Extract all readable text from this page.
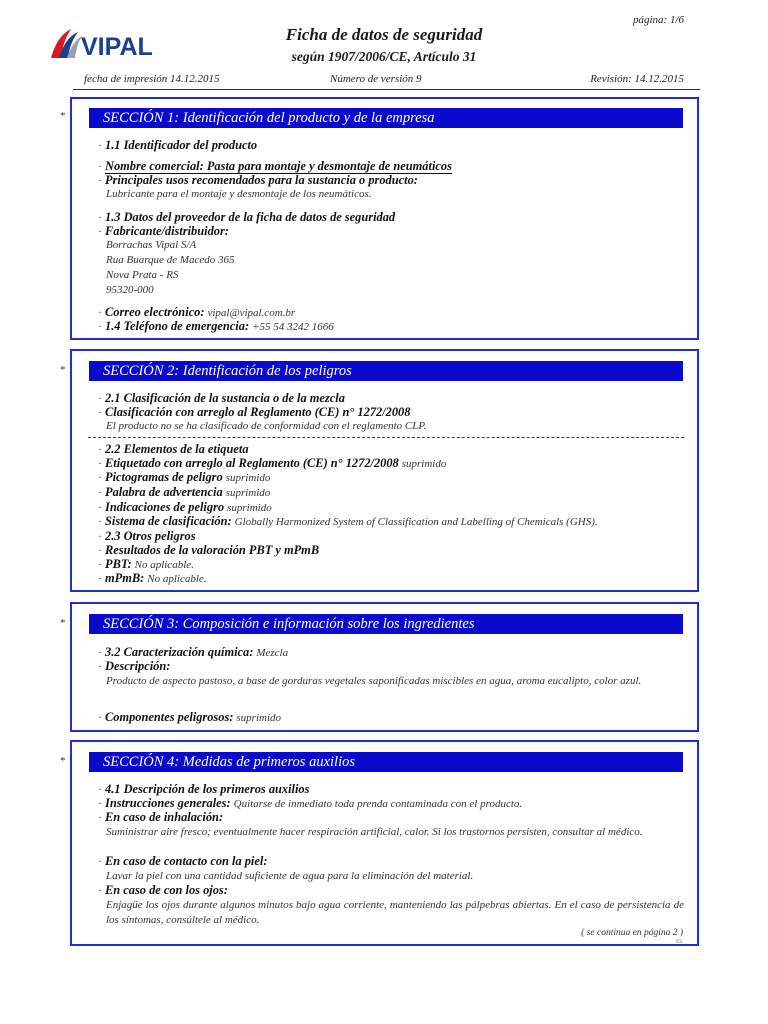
VIPAL	Ficha de datos de seguridad
según 1907/2006/CE, Artículo 31
página: 1/6
fecha de impresión 14.12.2015	Número de versión 9	Revisión: 14.12.2015
*	SECCIÓN 1: Identificación del producto y de la empresa
· 1.1 Identificador del producto
· Nombre comercial: Pasta para montaje y desmontaje de neumáticos
· Principales usos recomendados para la sustancia o producto:
Lubricante para el montaje y desmontaje de los neumáticos.
· 1.3 Datos del proveedor de la ficha de datos de seguridad
· Fabricante/distribuidor:
Borrachas Vipal S/A
Rua Buarque de Macedo 365
Nova Prata - RS
95320-000
· Correo electrónico: vipal@vipal.com.br
· 1.4 Teléfono de emergencia: +55 54 3242 1666
*	SECCIÓN 2: Identificación de los peligros
· 2.1 Clasificación de la sustancia o de la mezcla
· Clasificación con arreglo al Reglamento (CE) n° 1272/2008
El producto no se ha clasificado de conformidad con el reglamento CLP.
· 2.2 Elementos de la etiqueta
· Etiquetado con arreglo al Reglamento (CE) n° 1272/2008 suprimido
· Pictogramas de peligro suprimido
· Palabra de advertencia suprimido
· Indicaciones de peligro suprimido
· Sistema de clasificación: Globally Harmonized System of Classification and Labelling of Chemicals (GHS).
· 2.3 Otros peligros
· Resultados de la valoración PBT y mPmB
· PBT: No aplicable.
· mPmB: No aplicable.
*	SECCIÓN 3: Composición e información sobre los ingredientes
· 3.2 Caracterización química: Mezcla
· Descripción:
Producto de aspecto pastoso, a base de gorduras vegetales saponificadas miscibles en agua, aroma eucalipto, color azul.
· Componentes peligrosos: suprimido
*	SECCIÓN 4: Medidas de primeros auxilios
· 4.1 Descripción de los primeros auxilios
· Instrucciones generales: Quitarse de inmediato toda prenda contaminada con el producto.
· En caso de inhalación:
Suministrar aire fresco; eventualmente hacer respiración artificial, calor. Si los trastornos persisten, consultar al médico.
· En caso de contacto con la piel:
Lavar la piel con una cantidad suficiente de agua para la eliminación del material.
· En caso de con los ojos:
Enjagüe los ojos durante algunos minutos bajo agua corriente, manteniendo las pálpebras abiertas. En el caso de persistencia de los síntomas, consúltele al médico.
( se continua en página 2 )
ES
